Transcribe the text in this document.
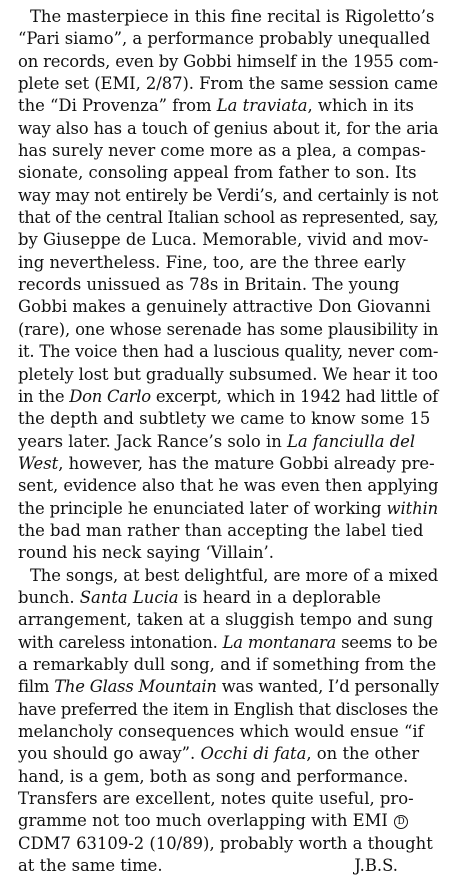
The masterpiece in this fine recital is Rigoletto’s
“Pari siamo”, a performance probably unequalled
on records, even by Gobbi himself in the 1955 com-
plete set (EMI, 2/87). From the same session came
the “Di Provenza” from La traviata, which in its
way also has a touch of genius about it, for the aria
has surely never come more as a plea, a compas-
sionate, consoling appeal from father to son. Its
way may not entirely be Verdi’s, and certainly is not
that of the central Italian school as represented, say,
by Giuseppe de Luca. Memorable, vivid and mov-
ing nevertheless. Fine, too, are the three early
records unissued as 78s in Britain. The young
Gobbi makes a genuinely attractive Don Giovanni
(rare), one whose serenade has some plausibility in
it. The voice then had a luscious quality, never com-
pletely lost but gradually subsumed. We hear it too
in the Don Carlo excerpt, which in 1942 had little of
the depth and subtlety we came to know some 15
years later. Jack Rance’s solo in La fanciulla del
West, however, has the mature Gobbi already pre-
sent, evidence also that he was even then applying
the principle he enunciated later of working within
the bad man rather than accepting the label tied
round his neck saying ‘Villain’.
The songs, at best delightful, are more of a mixed
bunch. Santa Lucia is heard in a deplorable
arrangement, taken at a sluggish tempo and sung
with careless intonation. La montanara seems to be
a remarkably dull song, and if something from the
film The Glass Mountain was wanted, I’d personally
have preferred the item in English that discloses the
melancholy consequences which would ensue “if
you should go away”. Occhi di fata, on the other
hand, is a gem, both as song and performance.
Transfers are excellent, notes quite useful, pro-
gramme not too much overlapping with EMI D
CDM7 63109-2 (10/89), probably worth a thought
at the same time.	J.B.S.
